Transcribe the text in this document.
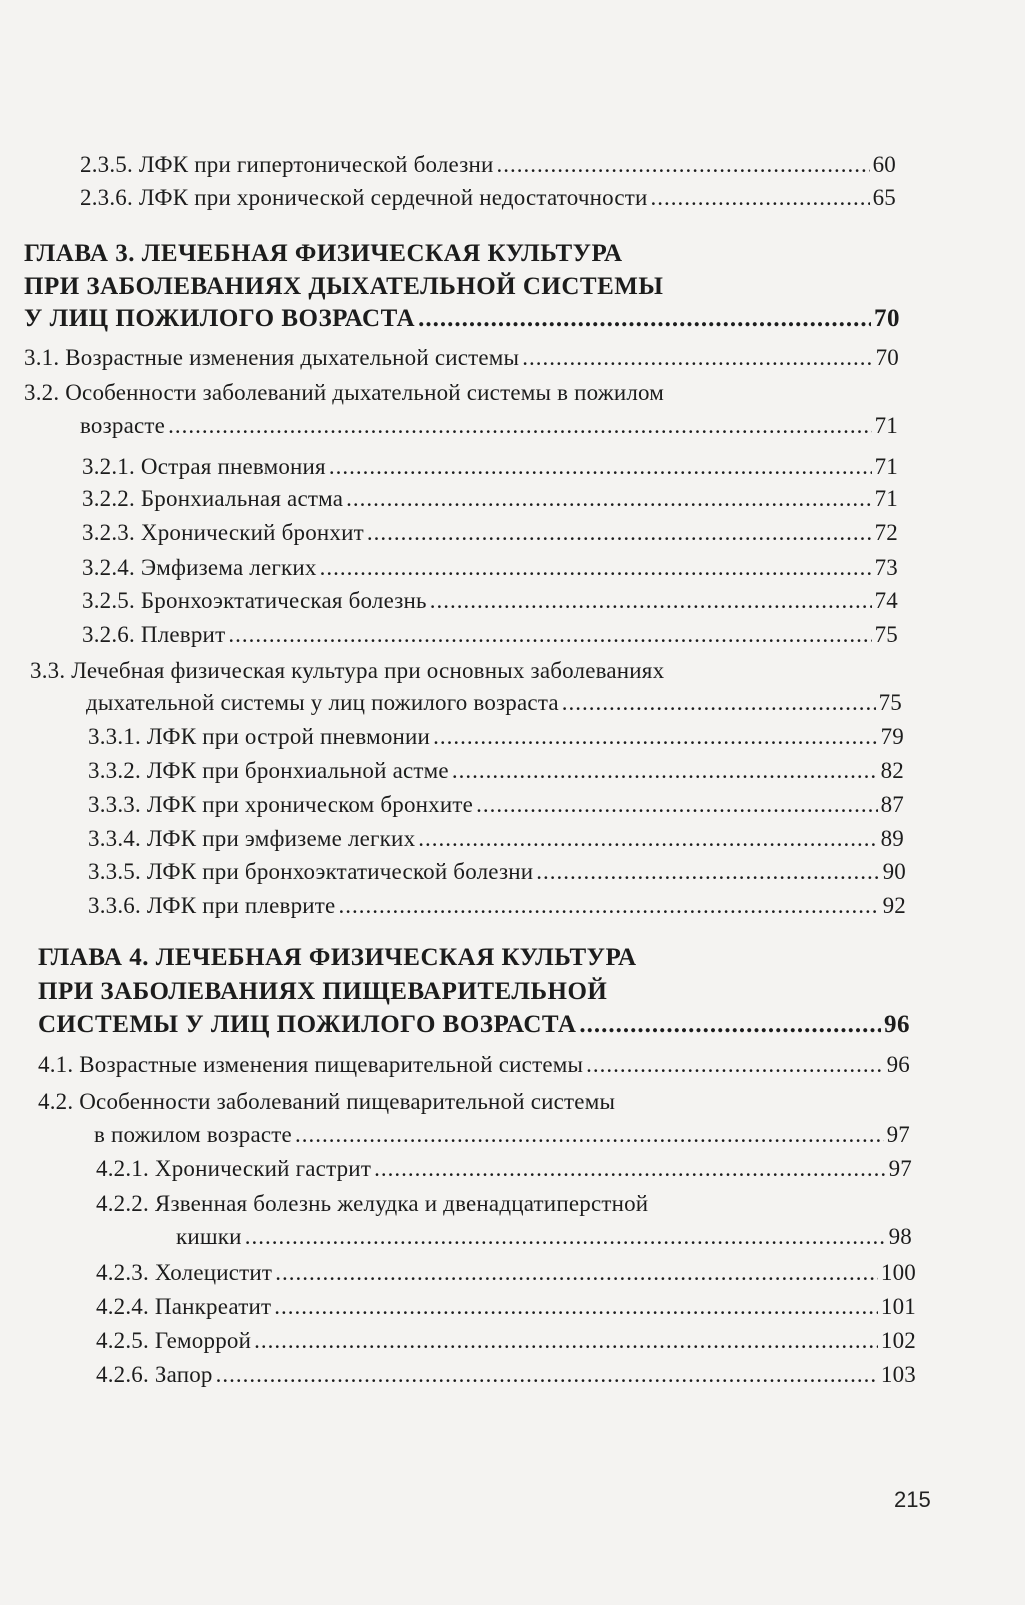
2.3.5. ЛФК при гипертонической болезни .....	60
2.3.6. ЛФК при хронической сердечной недостаточности .....	65
ГЛАВА 3. ЛЕЧЕБНАЯ ФИЗИЧЕСКАЯ КУЛЬТУРА
ПРИ ЗАБОЛЕВАНИЯХ ДЫХАТЕЛЬНОЙ СИСТЕМЫ
У ЛИЦ ПОЖИЛОГО ВОЗРАСТА .....	70
3.1. Возрастные изменения дыхательной системы .....	70
3.2. Особенности заболеваний дыхательной системы в пожилом
возрасте .....	71
3.2.1. Острая пневмония .....	71
3.2.2. Бронхиальная астма .....	71
3.2.3. Хронический бронхит .....	72
3.2.4. Эмфизема легких .....	73
3.2.5. Бронхоэктатическая болезнь .....	74
3.2.6. Плеврит .....	75
3.3. Лечебная физическая культура при основных заболеваниях
дыхательной системы у лиц пожилого возраста .....	75
3.3.1. ЛФК при острой пневмонии .....	79
3.3.2. ЛФК при бронхиальной астме .....	82
3.3.3. ЛФК при хроническом бронхите .....	87
3.3.4. ЛФК при эмфиземе легких .....	89
3.3.5. ЛФК при бронхоэктатической болезни .....	90
3.3.6. ЛФК при плеврите .....	92
ГЛАВА 4. ЛЕЧЕБНАЯ ФИЗИЧЕСКАЯ КУЛЬТУРА
ПРИ ЗАБОЛЕВАНИЯХ ПИЩЕВАРИТЕЛЬНОЙ
СИСТЕМЫ У ЛИЦ ПОЖИЛОГО ВОЗРАСТА .....	96
4.1. Возрастные изменения пищеварительной системы .....	96
4.2. Особенности заболеваний пищеварительной системы
в пожилом возрасте .....	97
4.2.1. Хронический гастрит .....	97
4.2.2. Язвенная болезнь желудка и двенадцатиперстной
кишки .....	98
4.2.3. Холецистит .....	100
4.2.4. Панкреатит .....	101
4.2.5. Геморрой .....	102
4.2.6. Запор .....	103
215
